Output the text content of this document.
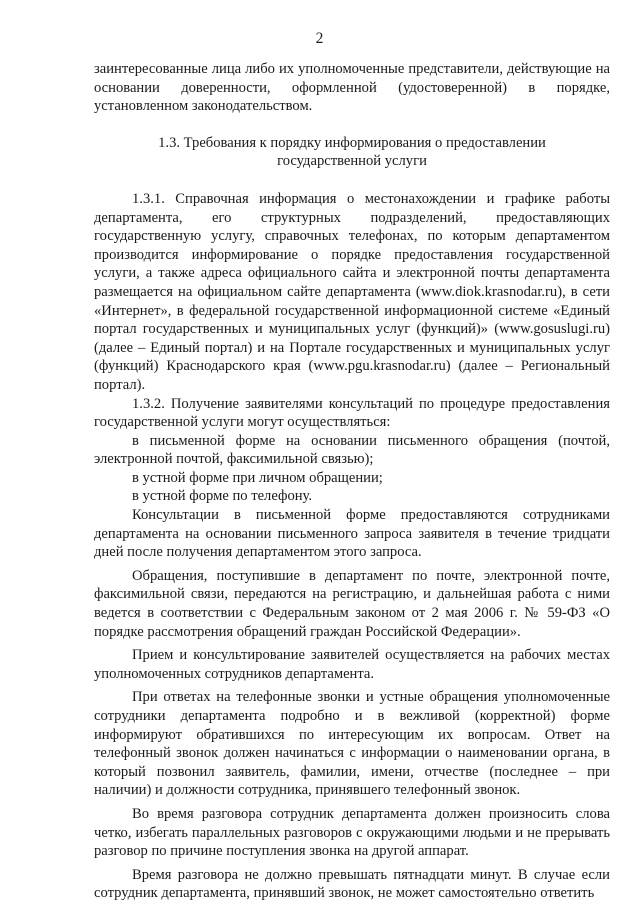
2

заинтересованные лица либо их уполномоченные представители, действующие на основании доверенности, оформленной (удостоверенной) в порядке, установленном законодательством.

1.3. Требования к порядку информирования о предоставлении
государственной услуги

1.3.1. Справочная информация о местонахождении и графике работы департамента, его структурных подразделений, предоставляющих государственную услугу, справочных телефонах, по которым департаментом производится информирование о порядке предоставления государственной услуги, а также адреса официального сайта и электронной почты департамента размещается на официальном сайте департамента (www.diok.krasnodar.ru), в сети «Интернет», в федеральной государственной информационной системе «Единый портал государственных и муниципальных услуг (функций)» (www.gosuslugi.ru) (далее – Единый портал) и на Портале государственных и муниципальных услуг (функций) Краснодарского края (www.pgu.krasnodar.ru) (далее – Региональный портал).

1.3.2. Получение заявителями консультаций по процедуре предоставления государственной услуги могут осуществляться:

в письменной форме на основании письменного обращения (почтой, электронной почтой, факсимильной связью);

в устной форме при личном обращении;

в устной форме по телефону.

Консультации в письменной форме предоставляются сотрудниками департамента на основании письменного запроса заявителя в течение тридцати дней после получения департаментом этого запроса.

Обращения, поступившие в департамент по почте, электронной почте, факсимильной связи, передаются на регистрацию, и дальнейшая работа с ними ведется в соответствии с Федеральным законом от 2 мая 2006 г. № 59-ФЗ «О порядке рассмотрения обращений граждан Российской Федерации».

Прием и консультирование заявителей осуществляется на рабочих местах уполномоченных сотрудников департамента.

При ответах на телефонные звонки и устные обращения уполномоченные сотрудники департамента подробно и в вежливой (корректной) форме информируют обратившихся по интересующим их вопросам. Ответ на телефонный звонок должен начинаться с информации о наименовании органа, в который позвонил заявитель, фамилии, имени, отчестве (последнее – при наличии) и должности сотрудника, принявшего телефонный звонок.

Во время разговора сотрудник департамента должен произносить слова четко, избегать параллельных разговоров с окружающими людьми и не прерывать разговор по причине поступления звонка на другой аппарат.

Время разговора не должно превышать пятнадцати минут. В случае если сотрудник департамента, принявший звонок, не может самостоятельно ответить
